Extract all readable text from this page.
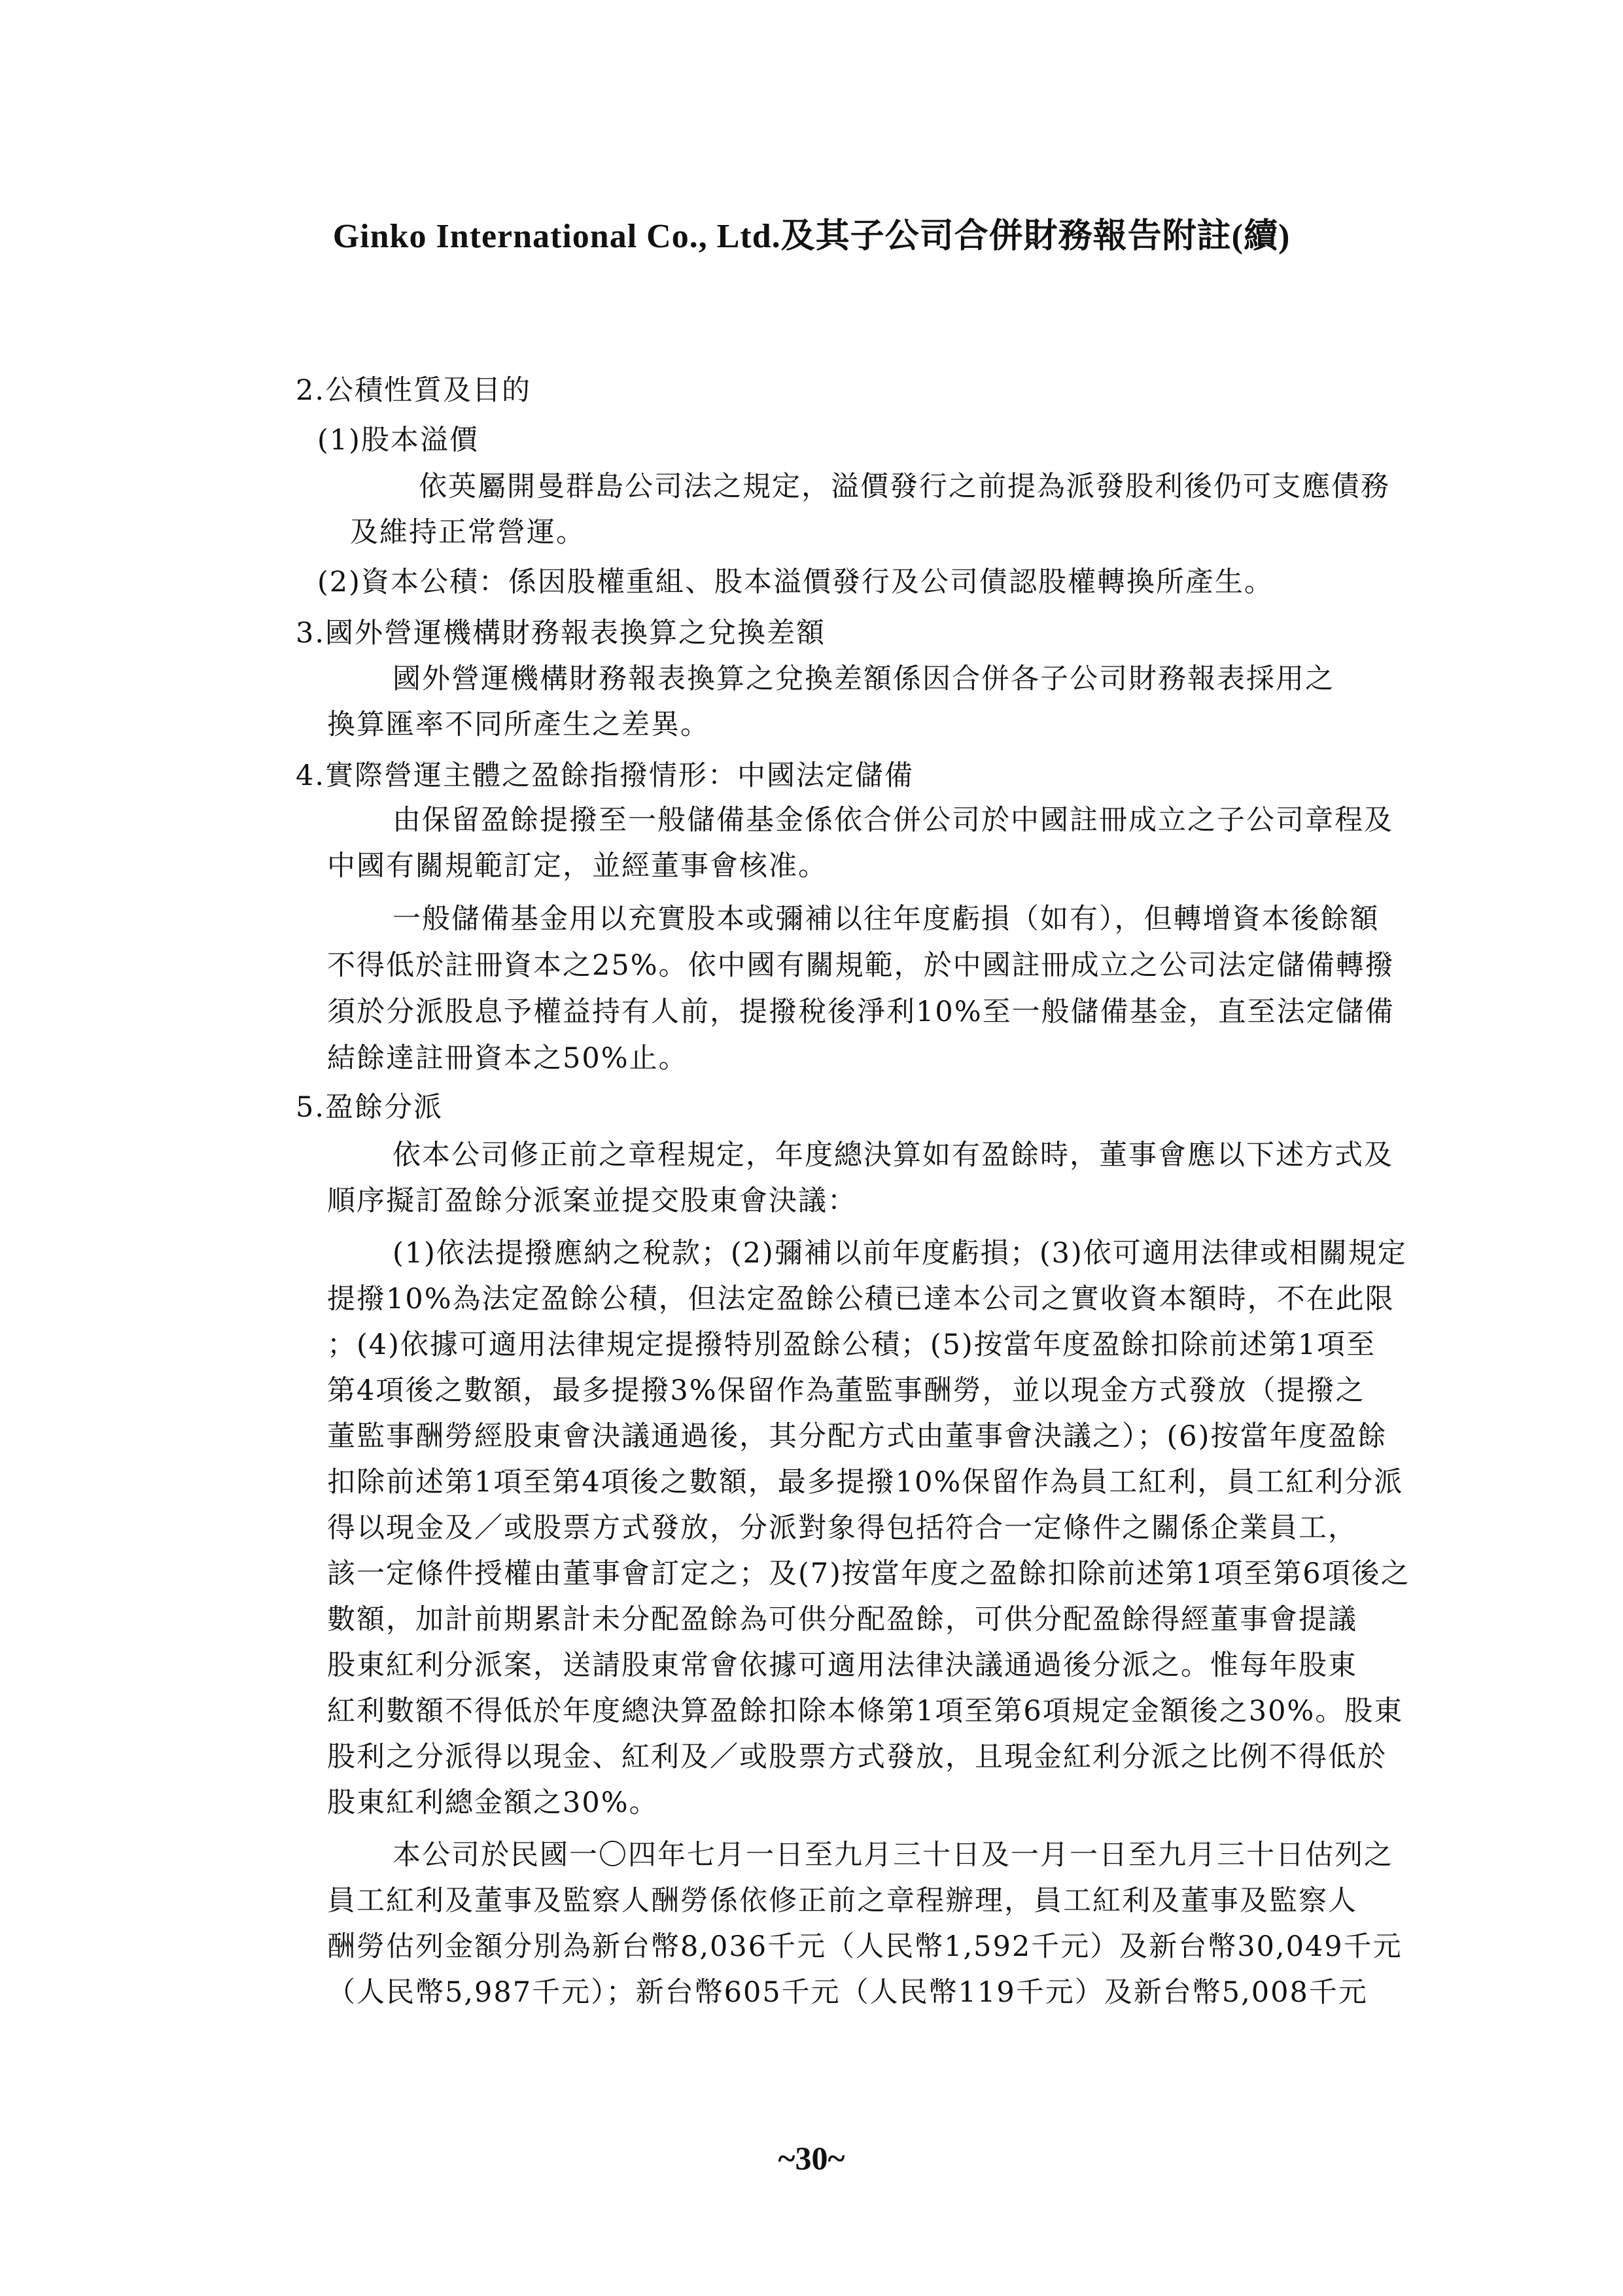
Ginko International Co., Ltd.及其子公司合併財務報告附註(續)
2.公積性質及目的
(1)股本溢價
依英屬開曼群島公司法之規定，溢價發行之前提為派發股利後仍可支應債務
及維持正常營運。
(2)資本公積：係因股權重組、股本溢價發行及公司債認股權轉換所產生。
3.國外營運機構財務報表換算之兌換差額
國外營運機構財務報表換算之兌換差額係因合併各子公司財務報表採用之
換算匯率不同所產生之差異。
4.實際營運主體之盈餘指撥情形：中國法定儲備
由保留盈餘提撥至一般儲備基金係依合併公司於中國註冊成立之子公司章程及
中國有關規範訂定，並經董事會核准。
一般儲備基金用以充實股本或彌補以往年度虧損（如有），但轉增資本後餘額
不得低於註冊資本之25%。依中國有關規範，於中國註冊成立之公司法定儲備轉撥
須於分派股息予權益持有人前，提撥稅後淨利10%至一般儲備基金，直至法定儲備
結餘達註冊資本之50%止。
5.盈餘分派
依本公司修正前之章程規定，年度總決算如有盈餘時，董事會應以下述方式及
順序擬訂盈餘分派案並提交股東會決議：
(1)依法提撥應納之稅款；(2)彌補以前年度虧損；(3)依可適用法律或相關規定
提撥10%為法定盈餘公積，但法定盈餘公積已達本公司之實收資本額時，不在此限
；(4)依據可適用法律規定提撥特別盈餘公積；(5)按當年度盈餘扣除前述第1項至
第4項後之數額，最多提撥3%保留作為董監事酬勞，並以現金方式發放（提撥之
董監事酬勞經股東會決議通過後，其分配方式由董事會決議之）；(6)按當年度盈餘
扣除前述第1項至第4項後之數額，最多提撥10%保留作為員工紅利，員工紅利分派
得以現金及／或股票方式發放，分派對象得包括符合一定條件之關係企業員工，
該一定條件授權由董事會訂定之；及(7)按當年度之盈餘扣除前述第1項至第6項後之
數額，加計前期累計未分配盈餘為可供分配盈餘，可供分配盈餘得經董事會提議
股東紅利分派案，送請股東常會依據可適用法律決議通過後分派之。惟每年股東
紅利數額不得低於年度總決算盈餘扣除本條第1項至第6項規定金額後之30%。股東
股利之分派得以現金、紅利及／或股票方式發放，且現金紅利分派之比例不得低於
股東紅利總金額之30%。
本公司於民國一〇四年七月一日至九月三十日及一月一日至九月三十日估列之
員工紅利及董事及監察人酬勞係依修正前之章程辦理，員工紅利及董事及監察人
酬勞估列金額分別為新台幣8,036千元（人民幣1,592千元）及新台幣30,049千元
（人民幣5,987千元）；新台幣605千元（人民幣119千元）及新台幣5,008千元
~30~
